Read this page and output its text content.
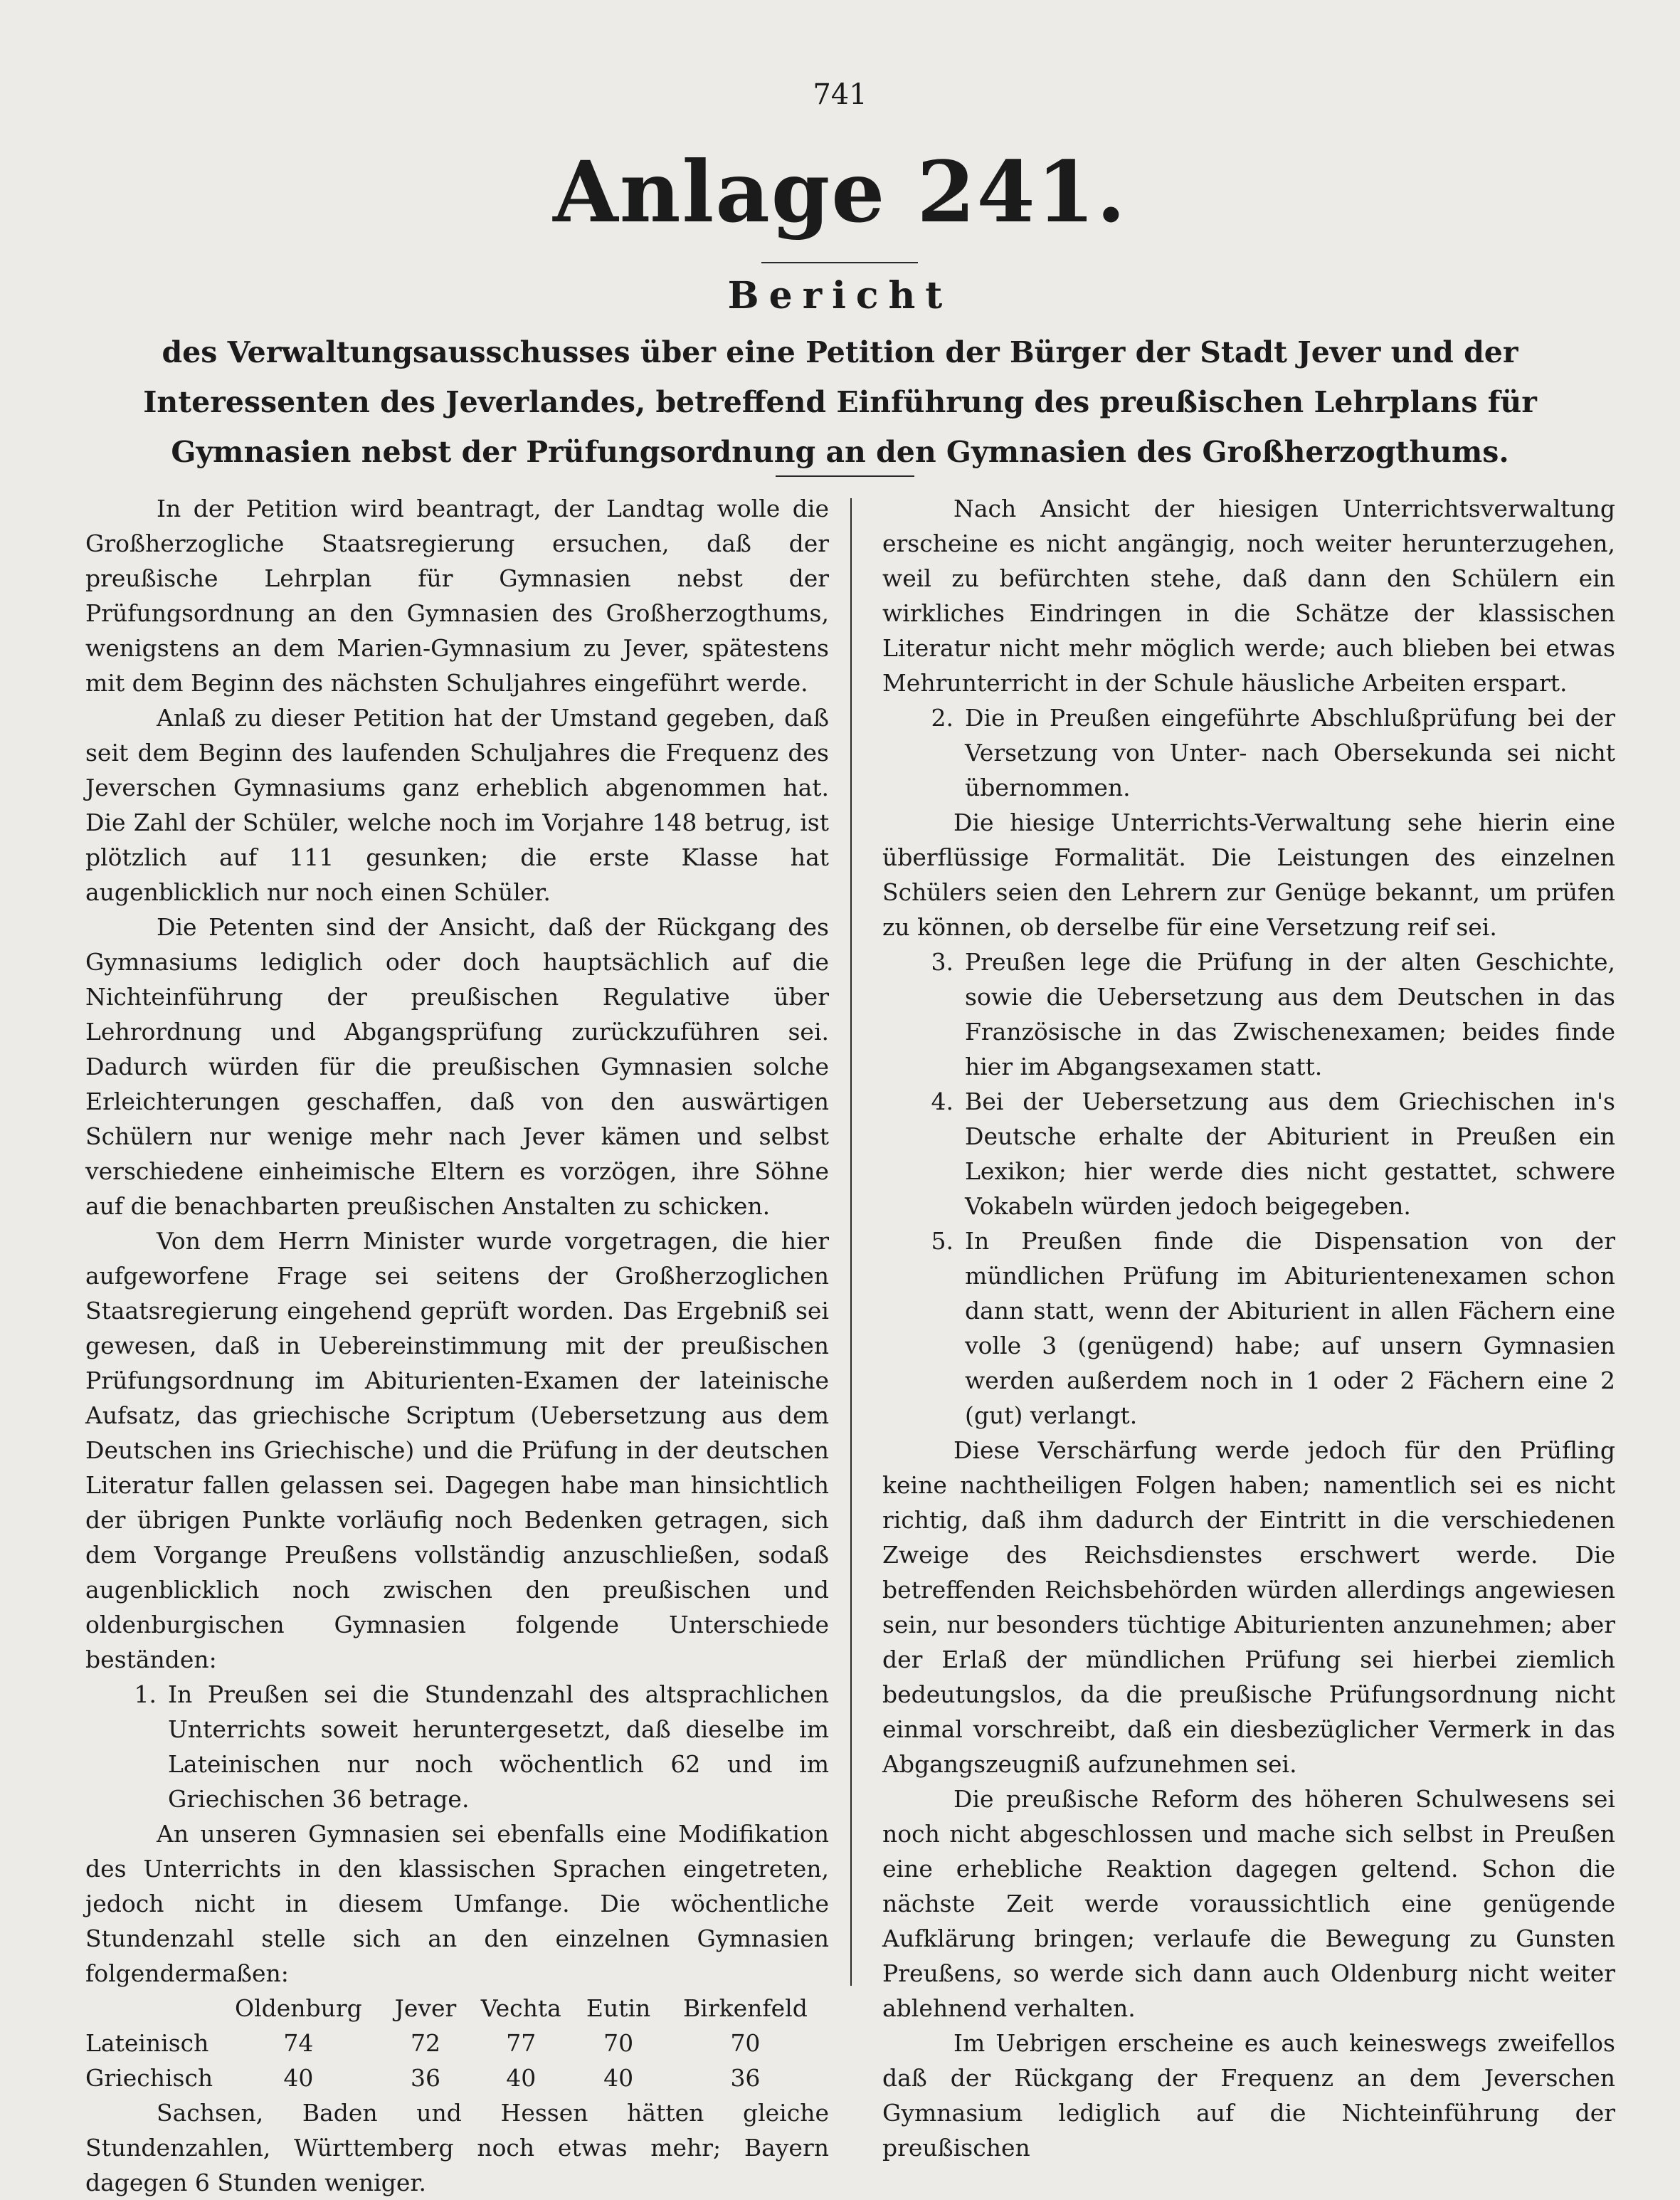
741
Anlage 241.
Bericht
des Verwaltungsausschusses über eine Petition der Bürger der Stadt Jever und der Interessenten des Jeverlandes, betreffend Einführung des preußischen Lehrplans für Gymnasien nebst der Prüfungsordnung an den Gymnasien des Großherzogthums.

In der Petition wird beantragt, der Landtag wolle die Großherzogliche Staatsregierung ersuchen, daß der preußische Lehrplan für Gymnasien nebst der Prüfungsordnung an den Gymnasien des Großherzogthums, wenigstens an dem Marien-Gymnasium zu Jever, spätestens mit dem Beginn des nächsten Schuljahres eingeführt werde.

Anlaß zu dieser Petition hat der Umstand gegeben, daß seit dem Beginn des laufenden Schuljahres die Frequenz des Jeverschen Gymnasiums ganz erheblich abgenommen hat. Die Zahl der Schüler, welche noch im Vorjahre 148 betrug, ist plötzlich auf 111 gesunken; die erste Klasse hat augenblicklich nur noch einen Schüler.

Die Petenten sind der Ansicht, daß der Rückgang des Gymnasiums lediglich oder doch hauptsächlich auf die Nichteinführung der preußischen Regulative über Lehrordnung und Abgangsprüfung zurückzuführen sei. Dadurch würden für die preußischen Gymnasien solche Erleichterungen geschaffen, daß von den auswärtigen Schülern nur wenige mehr nach Jever kämen und selbst verschiedene einheimische Eltern es vorzögen, ihre Söhne auf die benachbarten preußischen Anstalten zu schicken.

Von dem Herrn Minister wurde vorgetragen, die hier aufgeworfene Frage sei seitens der Großherzoglichen Staatsregierung eingehend geprüft worden. Das Ergebniß sei gewesen, daß in Uebereinstimmung mit der preußischen Prüfungsordnung im Abiturienten-Examen der lateinische Aufsatz, das griechische Scriptum (Uebersetzung aus dem Deutschen ins Griechische) und die Prüfung in der deutschen Literatur fallen gelassen sei. Dagegen habe man hinsichtlich der übrigen Punkte vorläufig noch Bedenken getragen, sich dem Vorgange Preußens vollständig anzuschließen, sodaß augenblicklich noch zwischen den preußischen und oldenburgischen Gymnasien folgende Unterschiede beständen:

1. In Preußen sei die Stundenzahl des altsprachlichen Unterrichts soweit heruntergesetzt, daß dieselbe im Lateinischen nur noch wöchentlich 62 und im Griechischen 36 betrage.

An unseren Gymnasien sei ebenfalls eine Modifikation des Unterrichts in den klassischen Sprachen eingetreten, jedoch nicht in diesem Umfange. Die wöchentliche Stundenzahl stelle sich an den einzelnen Gymnasien folgendermaßen:

	Oldenburg	Jever	Vechta	Eutin	Birkenfeld
Lateinisch	74	72	77	70	70
Griechisch	40	36	40	40	36

Sachsen, Baden und Hessen hätten gleiche Stundenzahlen, Württemberg noch etwas mehr; Bayern dagegen 6 Stunden weniger.

Nach Ansicht der hiesigen Unterrichtsverwaltung erscheine es nicht angängig, noch weiter herunterzugehen, weil zu befürchten stehe, daß dann den Schülern ein wirkliches Eindringen in die Schätze der klassischen Literatur nicht mehr möglich werde; auch blieben bei etwas Mehrunterricht in der Schule häusliche Arbeiten erspart.

2. Die in Preußen eingeführte Abschlußprüfung bei der Versetzung von Unter- nach Obersekunda sei nicht übernommen.

Die hiesige Unterrichts-Verwaltung sehe hierin eine überflüssige Formalität. Die Leistungen des einzelnen Schülers seien den Lehrern zur Genüge bekannt, um prüfen zu können, ob derselbe für eine Versetzung reif sei.

3. Preußen lege die Prüfung in der alten Geschichte, sowie die Uebersetzung aus dem Deutschen in das Französische in das Zwischenexamen; beides finde hier im Abgangsexamen statt.
4. Bei der Uebersetzung aus dem Griechischen in's Deutsche erhalte der Abiturient in Preußen ein Lexikon; hier werde dies nicht gestattet, schwere Vokabeln würden jedoch beigegeben.
5. In Preußen finde die Dispensation von der mündlichen Prüfung im Abiturientenexamen schon dann statt, wenn der Abiturient in allen Fächern eine volle 3 (genügend) habe; auf unsern Gymnasien werden außerdem noch in 1 oder 2 Fächern eine 2 (gut) verlangt.

Diese Verschärfung werde jedoch für den Prüfling keine nachtheiligen Folgen haben; namentlich sei es nicht richtig, daß ihm dadurch der Eintritt in die verschiedenen Zweige des Reichsdienstes erschwert werde. Die betreffenden Reichsbehörden würden allerdings angewiesen sein, nur besonders tüchtige Abiturienten anzunehmen; aber der Erlaß der mündlichen Prüfung sei hierbei ziemlich bedeutungslos, da die preußische Prüfungsordnung nicht einmal vorschreibt, daß ein diesbezüglicher Vermerk in das Abgangszeugniß aufzunehmen sei.

Die preußische Reform des höheren Schulwesens sei noch nicht abgeschlossen und mache sich selbst in Preußen eine erhebliche Reaktion dagegen geltend. Schon die nächste Zeit werde voraussichtlich eine genügende Aufklärung bringen; verlaufe die Bewegung zu Gunsten Preußens, so werde sich dann auch Oldenburg nicht weiter ablehnend verhalten.

Im Uebrigen erscheine es auch keineswegs zweifellos daß der Rückgang der Frequenz an dem Jeverschen Gymnasium lediglich auf die Nichteinführung der preußischen
